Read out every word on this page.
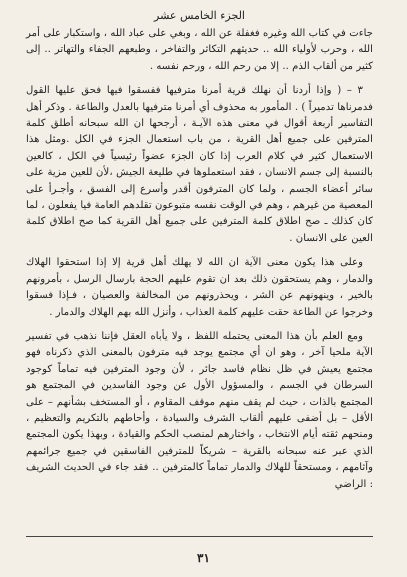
الجزء الخامس عشر

جاءت في كتاب الله وغيره فغفلة عن الله ، وبغي على عباد الله ، واستكبار على أمر الله ، وحرب لأولياء الله .. حديثهم التكاثر والتفاخر ، وطبعهم الجفاء والتهاتر .. إلى كثير من ألقاب الذم .. إلا من رحم الله ، ورحم نفسه .

٣ – ( وإذا أردنا أن نهلك قرية أمرنا مترفيها ففسقوا فيها فحق عليها القول فدمرناها تدميراً ) . المأمور به محذوف أي أمرنا مترفيها بالعدل والطاعة . وذكر أهل التفاسير أربعة أقوال في معنى هذه الآيـة ، أرجحها ان الله سبحانه أطلق كلمة المترفين على جميع أهل القرية ، من باب استعمال الجزء في الكل .ومثل هذا الاستعمال كثير في كلام العرب إذا كان الجزء عضواً رئيسياً في الكل ، كالعين بالنسبة إلى جسم الانسان ، فقد استعملوها في طليعة الجيش ،لأن للعين مزية على سائر أعضاء الجسم ، ولما كان المترفون أقدر وأسرع إلى الفسق ، وأجـرأ على المعصية من غيرهم ، وهم في الوقت نفسه متبوعون تقلدهم العامة فيا يفعلون ، لما كان كذلك ـ صح اطلاق كلمة المترفين على جميع أهل القرية كما صح اطلاق كلمة العين على الانسان .

وعلى هذا يكون معنى الآية ان الله لا يهلك أهل قرية إلا إذا استحقوا الهلاك والدمار ، وهم يستحقون ذلك بعد ان تقوم عليهم الحجة بارسال الرسل ، بأمرونهم بالخير ، وينهونهم عن الشر ، ويحذرونهم من المخالفة والعصيان ، فـإذا فسقوا وخرجوا عن الطاعة حقت عليهم كلمة العذاب ، وأنزل الله بهم الهلاك والدمار .

ومع العلم بأن هذا المعنى يحتمله اللفظ ، ولا يأباه العقل فإننا نذهب في تفسير الآية ملحيا آخر ، وهو ان أي مجتمع يوجد فيه مترفون بالمعنى الذي ذكرناه فهو مجتمع يعيش في ظل نظام فاسد جائر ، لأن وجود المترفين فيه تماماً كوجود السرطان في الجسم ، والمسؤول الأول عن وجود الفاسدين في المجتمع هو المجتمع بالذات ، حيث لم يقف منهم موقف المقاوم ، أو المستخف بشأنهم – على الأقل – بل أضفى عليهم ألقاب الشرف والسيادة ، وأحاطهم بالتكريم والتعظيم ، ومنحهم ثقته أيام الانتخاب ، واختارهم لمنصب الحكم والقيادة ، وبهذا يكون المجتمع الذي عبر عنه سبحانه بالقرية – شريكاً للمترفين الفاسقين في جميع جرائمهم وآثامهم ، ومستحقاً للهلاك والدمار تماماً كالمترفين .. فقد جاء في الحديث الشريف : الراضي

٣١
